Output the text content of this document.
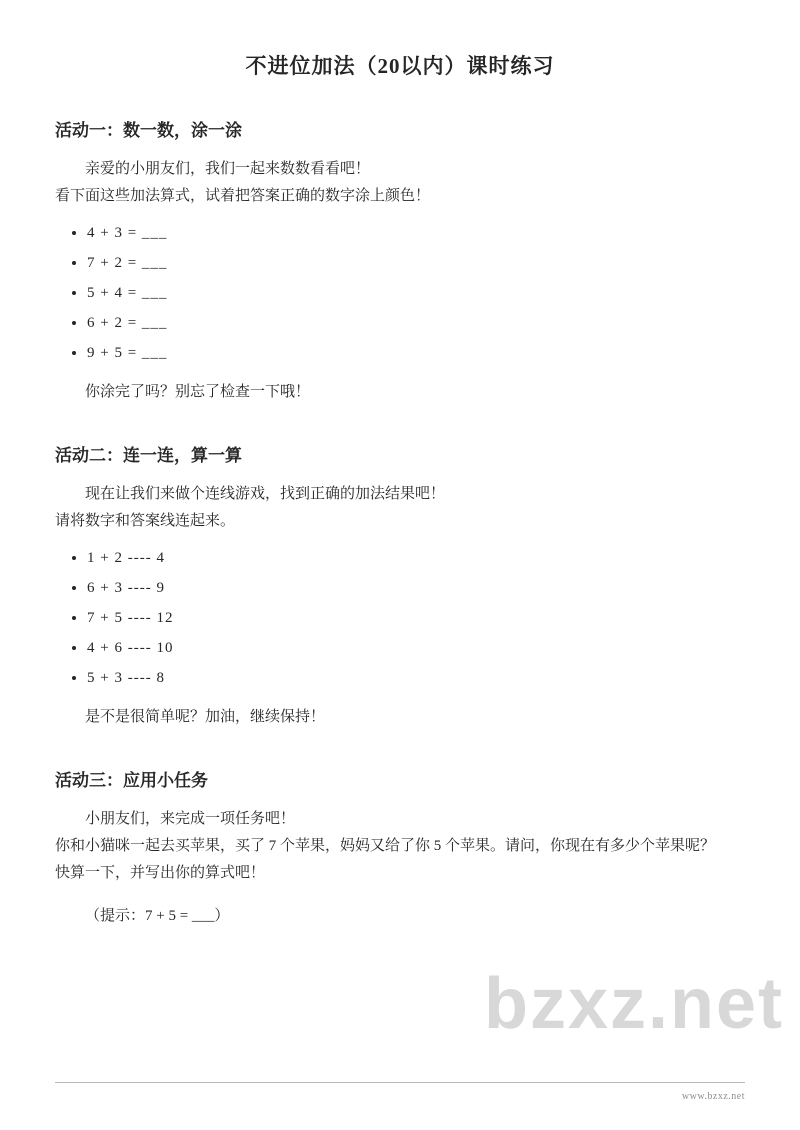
不进位加法（20以内）课时练习
活动一：数一数，涂一涂

亲爱的小朋友们，我们一起来数数看看吧！

看下面这些加法算式，试着把答案正确的数字涂上颜色！

• 4 + 3 = ___
• 7 + 2 = ___
• 5 + 4 = ___
• 6 + 2 = ___
• 9 + 5 = ___

你涂完了吗？别忘了检查一下哦！

活动二：连一连，算一算

现在让我们来做个连线游戏，找到正确的加法结果吧！

请将数字和答案线连起来。

• 1 + 2 ---- 4
• 6 + 3 ---- 9
• 7 + 5 ---- 12
• 4 + 6 ---- 10
• 5 + 3 ---- 8

是不是很简单呢？加油，继续保持！

活动三：应用小任务

小朋友们，来完成一项任务吧！

你和小猫咪一起去买苹果，买了 7 个苹果，妈妈又给了你 5 个苹果。请问，你现在有多少个苹果呢？

快算一下，并写出你的算式吧！

（提示：7 + 5 = ___）

bzxz.net
www.bzxz.net
